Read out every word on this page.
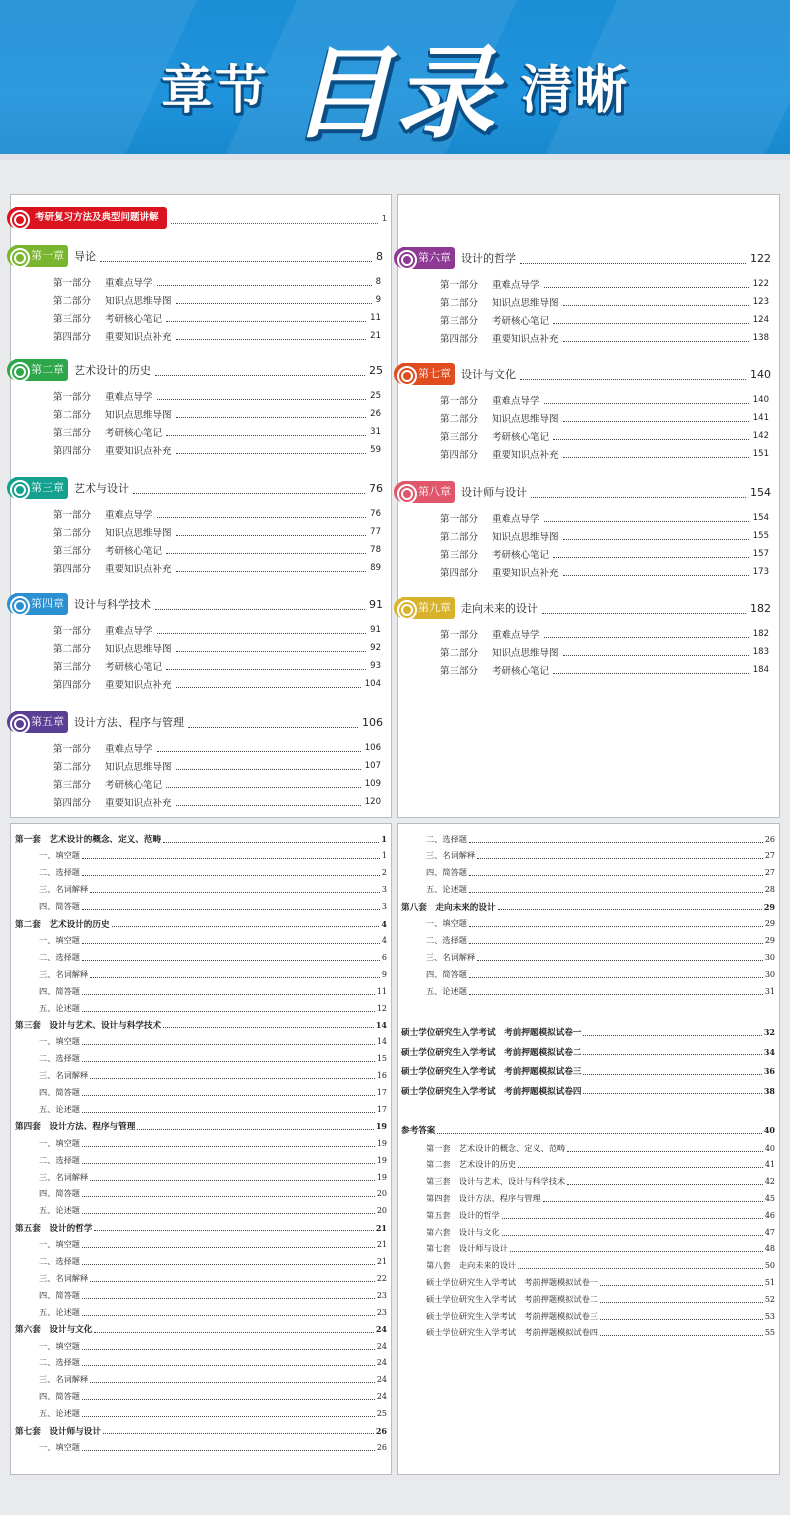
章节 目录 清晰
考研复习方法及典型问题讲解	1
第一章 导论	8
第一部分	重难点导学	8
第二部分	知识点思维导图	9
第三部分	考研核心笔记	11
第四部分	重要知识点补充	21
第二章 艺术设计的历史	25
第一部分	重难点导学	25
第二部分	知识点思维导图	26
第三部分	考研核心笔记	31
第四部分	重要知识点补充	59
第三章 艺术与设计	76
第一部分	重难点导学	76
第二部分	知识点思维导图	77
第三部分	考研核心笔记	78
第四部分	重要知识点补充	89
第四章 设计与科学技术	91
第一部分	重难点导学	91
第二部分	知识点思维导图	92
第三部分	考研核心笔记	93
第四部分	重要知识点补充	104
第五章 设计方法、程序与管理	106
第一部分	重难点导学	106
第二部分	知识点思维导图	107
第三部分	考研核心笔记	109
第四部分	重要知识点补充	120
第六章 设计的哲学	122
第一部分	重难点导学	122
第二部分	知识点思维导图	123
第三部分	考研核心笔记	124
第四部分	重要知识点补充	138
第七章 设计与文化	140
第一部分	重难点导学	140
第二部分	知识点思维导图	141
第三部分	考研核心笔记	142
第四部分	重要知识点补充	151
第八章 设计师与设计	154
第一部分	重难点导学	154
第二部分	知识点思维导图	155
第三部分	考研核心笔记	157
第四部分	重要知识点补充	173
第九章 走向未来的设计	182
第一部分	重难点导学	182
第二部分	知识点思维导图	183
第三部分	考研核心笔记	184
第一套　艺术设计的概念、定义、范畴	1
一、填空题	1
二、选择题	2
三、名词解释	3
四、简答题	3
第二套　艺术设计的历史	4
一、填空题	4
二、选择题	6
三、名词解释	9
四、简答题	11
五、论述题	12
第三套　设计与艺术、设计与科学技术	14
一、填空题	14
二、选择题	15
三、名词解释	16
四、简答题	17
五、论述题	17
第四套　设计方法、程序与管理	19
一、填空题	19
二、选择题	19
三、名词解释	19
四、简答题	20
五、论述题	20
第五套　设计的哲学	21
一、填空题	21
二、选择题	21
三、名词解释	22
四、简答题	23
五、论述题	23
第六套　设计与文化	24
一、填空题	24
二、选择题	24
三、名词解释	24
四、简答题	24
五、论述题	25
第七套　设计师与设计	26
一、填空题	26
二、选择题	26
三、名词解释	27
四、简答题	27
五、论述题	28
第八套　走向未来的设计	29
一、填空题	29
二、选择题	29
三、名词解释	30
四、简答题	30
五、论述题	31
硕士学位研究生入学考试　考前押题模拟试卷一	32
硕士学位研究生入学考试　考前押题模拟试卷二	34
硕士学位研究生入学考试　考前押题模拟试卷三	36
硕士学位研究生入学考试　考前押题模拟试卷四	38
参考答案	40
第一套　艺术设计的概念、定义、范畴	40
第二套　艺术设计的历史	41
第三套　设计与艺术、设计与科学技术	42
第四套　设计方法、程序与管理	45
第五套　设计的哲学	46
第六套　设计与文化	47
第七套　设计师与设计	48
第八套　走向未来的设计	50
硕士学位研究生入学考试　考前押题模拟试卷一	51
硕士学位研究生入学考试　考前押题模拟试卷二	52
硕士学位研究生入学考试　考前押题模拟试卷三	53
硕士学位研究生入学考试　考前押题模拟试卷四	55
